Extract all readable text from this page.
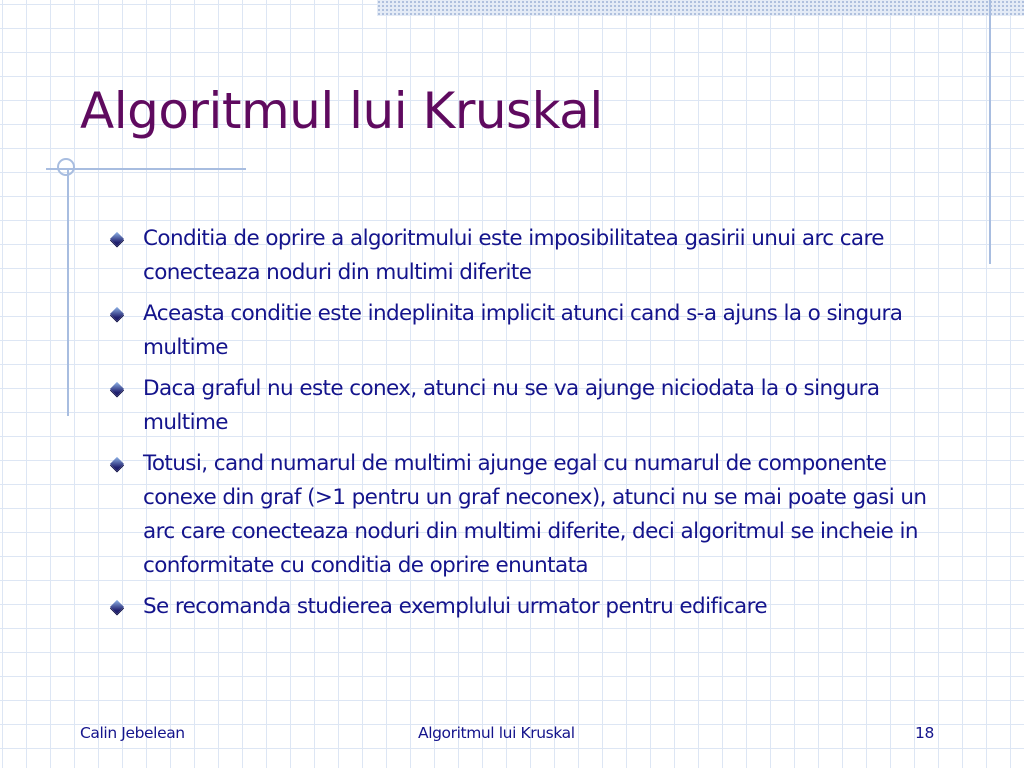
Algoritmul lui Kruskal
Conditia de oprire a algoritmului este imposibilitatea gasirii unui arc care conecteaza noduri din multimi diferite
Aceasta conditie este indeplinita implicit atunci cand s-a ajuns la o singura multime
Daca graful nu este conex, atunci nu se va ajunge niciodata la o singura multime
Totusi, cand numarul de multimi ajunge egal cu numarul de componente conexe din graf (>1 pentru un graf neconex), atunci nu se mai poate gasi un arc care conecteaza noduri din multimi diferite, deci algoritmul se incheie in conformitate cu conditia de oprire enuntata
Se recomanda studierea exemplului urmator pentru edificare

Calin Jebelean	Algoritmul lui Kruskal	18
